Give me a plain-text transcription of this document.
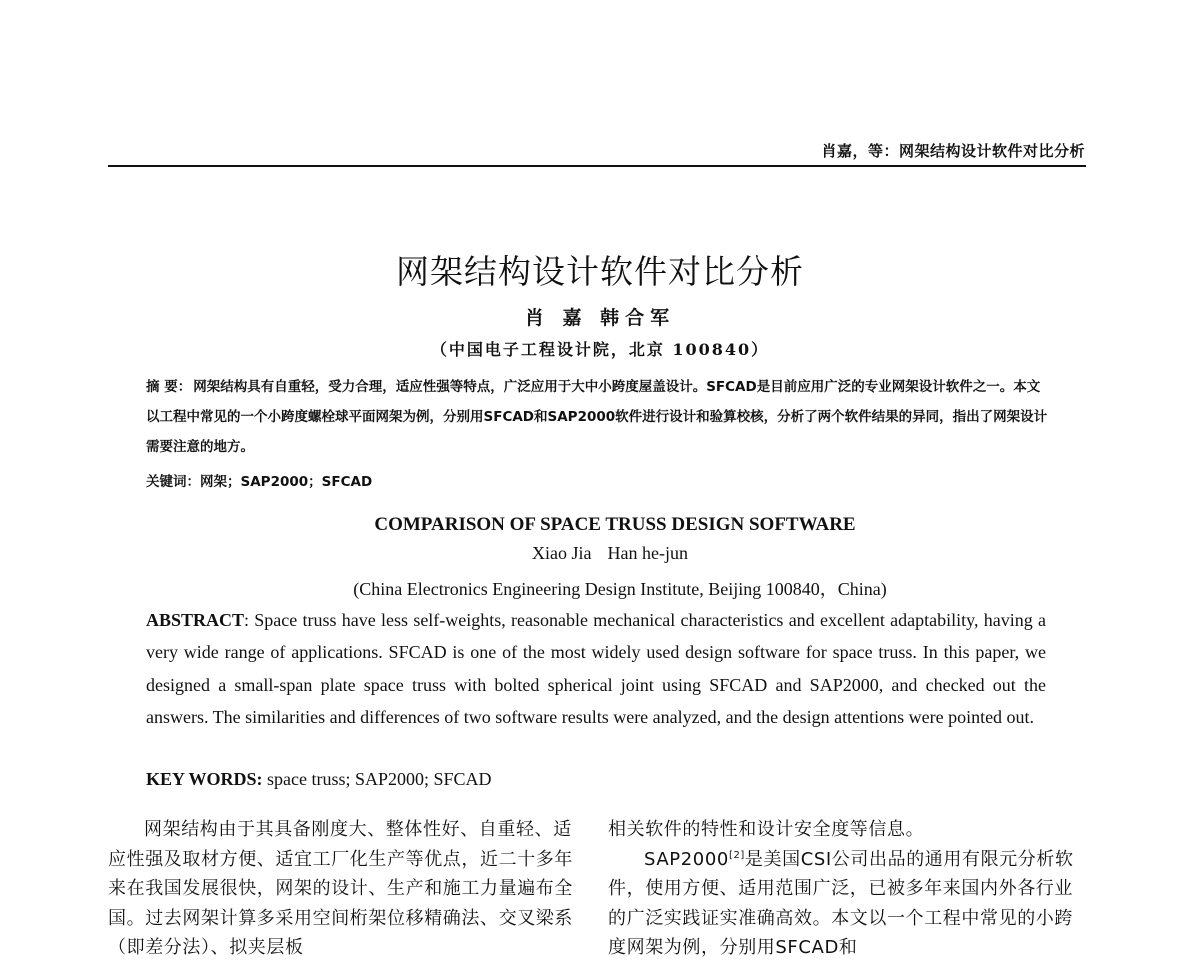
肖嘉，等：网架结构设计软件对比分析
网架结构设计软件对比分析
肖 嘉 韩合军
（中国电子工程设计院，北京 100840）
摘 要： 网架结构具有自重轻，受力合理，适应性强等特点，广泛应用于大中小跨度屋盖设计。SFCAD是目前应用广泛的专业网架设计软件之一。本文以工程中常见的一个小跨度螺栓球平面网架为例，分别用SFCAD和SAP2000软件进行设计和验算校核，分析了两个软件结果的异同，指出了网架设计需要注意的地方。
关键词：网架；SAP2000；SFCAD
COMPARISON OF SPACE TRUSS DESIGN SOFTWARE
Xiao Jia Han he-jun
(China Electronics Engineering Design Institute, Beijing 100840，China)
ABSTRACT: Space truss have less self-weights, reasonable mechanical characteristics and excellent adaptability, having a very wide range of applications. SFCAD is one of the most widely used design software for space truss. In this paper, we designed a small-span plate space truss with bolted spherical joint using SFCAD and SAP2000, and checked out the answers. The similarities and differences of two software results were analyzed, and the design attentions were pointed out.
KEY WORDS: space truss; SAP2000; SFCAD

网架结构由于其具备刚度大、整体性好、自重轻、适应性强及取材方便、适宜工厂化生产等优点，近二十多年来在我国发展很快，网架的设计、生产和施工力量遍布全国。过去网架计算多采用空间桁架位移精确法、交叉梁系（即差分法）、拟夹层板

相关软件的特性和设计安全度等信息。

SAP2000[2]是美国CSI公司出品的通用有限元分析软件，使用方便、适用范围广泛，已被多年来国内外各行业的广泛实践证实准确高效。本文以一个工程中常见的小跨度网架为例，分别用SFCAD和
